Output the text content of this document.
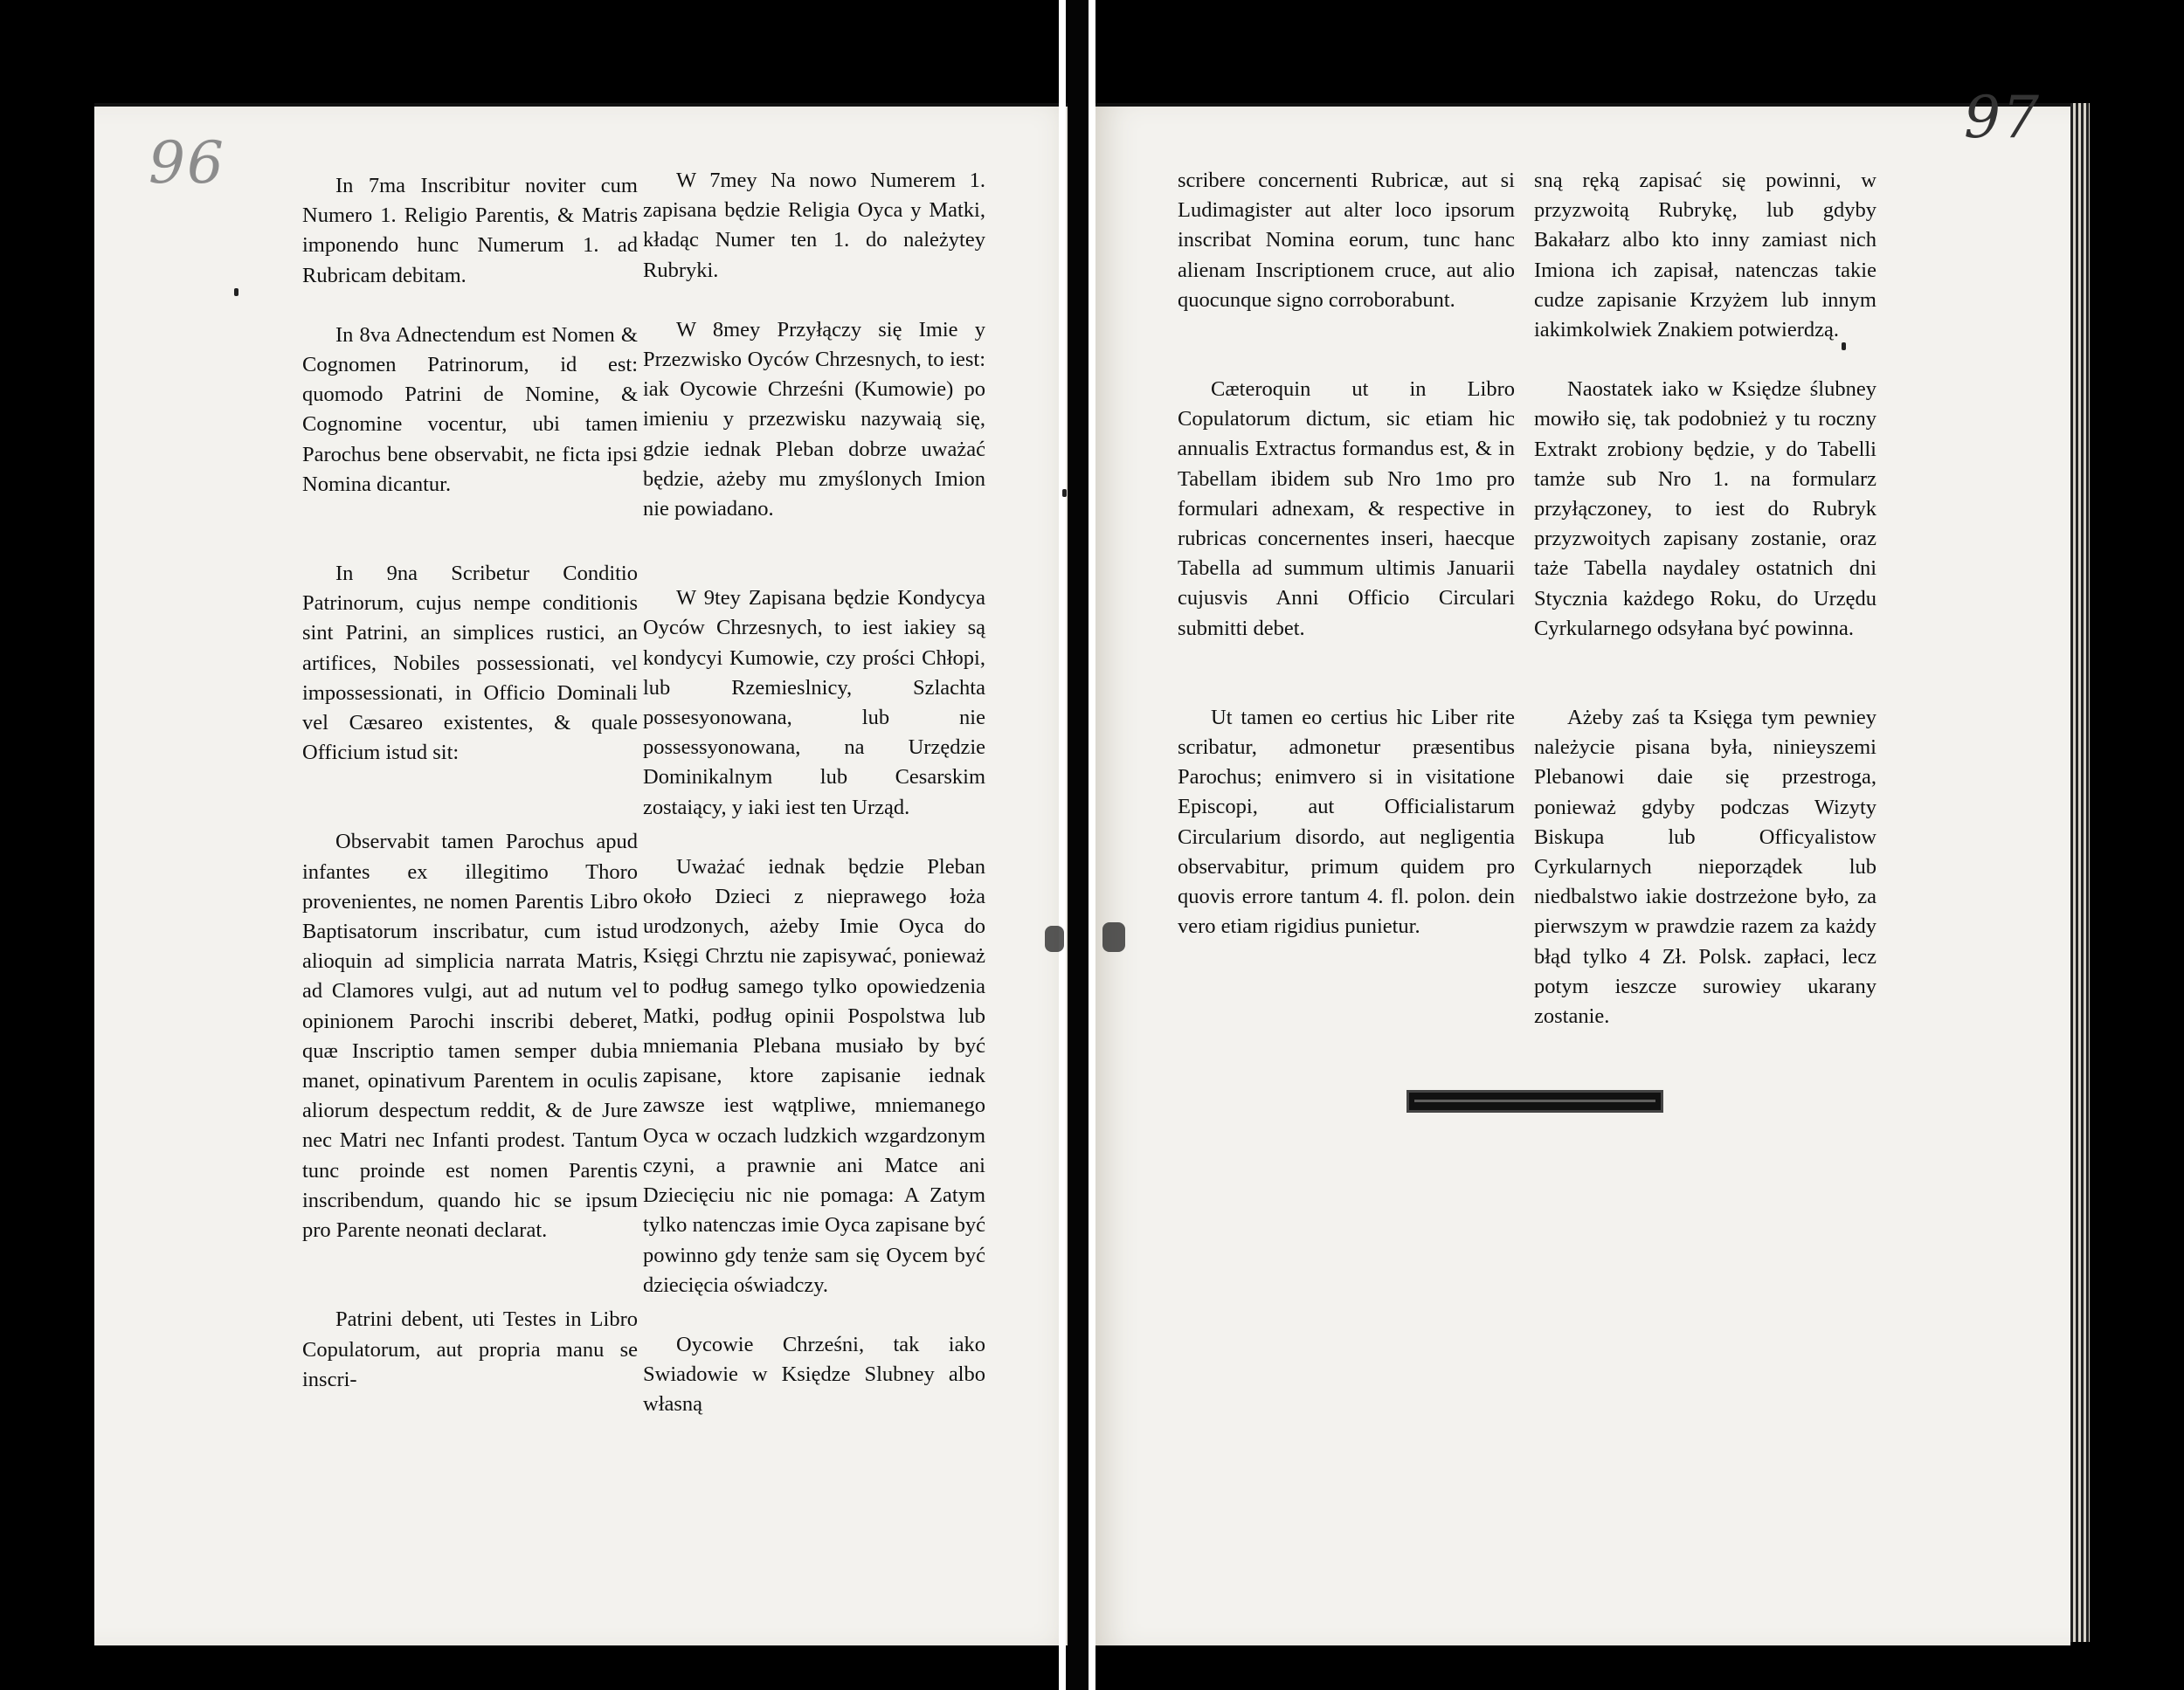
96
97

In 7ma Inscribitur noviter cum Numero 1. Religio Parentis, & Matris imponendo hunc Numerum 1. ad Rubricam debitam.

In 8va Adnectendum est Nomen & Cognomen Patrinorum, id est: quomodo Patrini de Nomine, & Cognomine vocentur, ubi tamen Parochus bene observabit, ne ficta ipsi Nomina dicantur.

In 9na Scribetur Conditio Patrinorum, cujus nempe conditionis sint Patrini, an simplices rustici, an artifices, Nobiles possessionati, vel impossessionati, in Officio Dominali vel Cæsareo existentes, & quale Officium istud sit:

Observabit tamen Parochus apud infantes ex illegitimo Thoro provenientes, ne nomen Parentis Libro Baptisatorum inscribatur, cum istud alioquin ad simplicia narrata Matris, ad Clamores vulgi, aut ad nutum vel opinionem Parochi inscribi deberet, quæ Inscriptio tamen semper dubia manet, opinativum Parentem in oculis aliorum despectum reddit, & de Jure nec Matri nec Infanti prodest. Tantum tunc proinde est nomen Parentis inscribendum, quando hic se ipsum pro Parente neonati declarat.

Patrini debent, uti Testes in Libro Copulatorum, aut propria manu se inscri-

W 7mey Na nowo Numerem 1. zapisana będzie Religia Oyca y Matki, kładąc Numer ten 1. do należytey Rubryki.

W 8mey Przyłączy się Imie y Przezwisko Oyców Chrzesnych, to iest: iak Oycowie Chrześni (Kumowie) po imieniu y przezwisku nazywaią się, gdzie iednak Pleban dobrze uważać będzie, ażeby mu zmyślonych Imion nie powiadano.

W 9tey Zapisana będzie Kondycya Oyców Chrzesnych, to iest iakiey są kondycyi Kumowie, czy prości Chłopi, lub Rzemieslnicy, Szlachta possesyonowana, lub nie possessyonowana, na Urzędzie Dominikalnym lub Cesarskim zostaiący, y iaki iest ten Urząd.

Uważać iednak będzie Pleban około Dzieci z nieprawego łoża urodzonych, ażeby Imie Oyca do Księgi Chrztu nie zapisywać, ponieważ to podług samego tylko opowiedzenia Matki, podług opinii Pospolstwa lub mniemania Plebana musiało by być zapisane, ktore zapisanie iednak zawsze iest wątpliwe, mniemanego Oyca w oczach ludzkich wzgardzonym czyni, a prawnie ani Matce ani Dziecięciu nic nie pomaga: A Zatym tylko natenczas imie Oyca zapisane być powinno gdy tenże sam się Oycem być dziecięcia oświadczy.

Oycowie Chrześni, tak iako Swiadowie w Księdze Slubney albo własną

scribere concernenti Rubricæ, aut si Ludimagister aut alter loco ipsorum inscribat Nomina eorum, tunc hanc alienam Inscriptionem cruce, aut alio quocunque signo corroborabunt.

Cæteroquin ut in Libro Copulatorum dictum, sic etiam hic annualis Extractus formandus est, & in Tabellam ibidem sub Nro 1mo pro formulari adnexam, & respective in rubricas concernentes inseri, haecque Tabella ad summum ultimis Januarii cujusvis Anni Officio Circulari submitti debet.

Ut tamen eo certius hic Liber rite scribatur, admonetur præsentibus Parochus; enimvero si in visitatione Episcopi, aut Officialistarum Circularium disordo, aut negligentia observabitur, primum quidem pro quovis errore tantum 4. fl. polon. dein vero etiam rigidius punietur.

sną ręką zapisać się powinni, w przyzwoitą Rubrykę, lub gdyby Bakałarz albo kto inny zamiast nich Imiona ich zapisał, natenczas takie cudze zapisanie Krzyżem lub innym iakimkolwiek Znakiem potwierdzą.

Naostatek iako w Księdze ślubney mowiło się, tak podobnież y tu roczny Extrakt zrobiony będzie, y do Tabelli tamże sub Nro 1. na formularz przyłączoney, to iest do Rubryk przyzwoitych zapisany zostanie, oraz taże Tabella naydaley ostatnich dni Stycznia każdego Roku, do Urzędu Cyrkularnego odsyłana być powinna.

Ażeby zaś ta Księga tym pewniey należycie pisana była, ninieyszemi Plebanowi daie się przestroga, ponieważ gdyby podczas Wizyty Biskupa lub Officyalistow Cyrkularnych nieporządek lub niedbalstwo iakie dostrzeżone było, za pierwszym w prawdzie razem za każdy błąd tylko 4 Zł. Polsk. zapłaci, lecz potym ieszcze surowiey ukarany zostanie.
